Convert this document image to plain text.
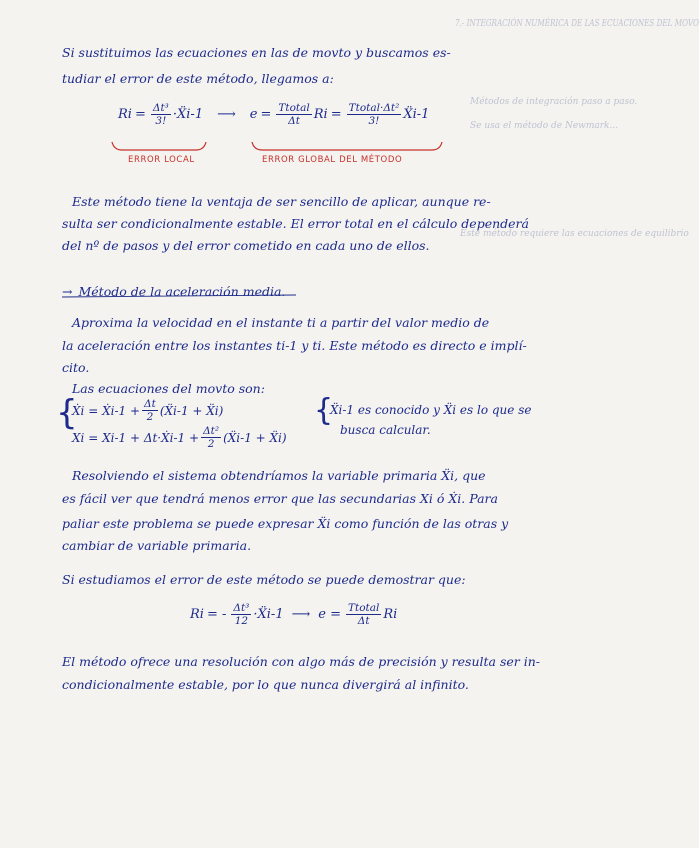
7.- INTEGRACIÓN NUMÉRICA DE LAS ECUACIONES DEL MOVO
Métodos de integración paso a paso.
Se usa el método de Newmark...
Este método requiere las ecuaciones de equilibrio
Si sustituimos las ecuaciones en las de movto y buscamos es-
tudiar el error de este método, llegamos a:
$Ri = \frac{\text{Δt³}}{3!}$ ·Ẍi-1 ⟶ $e = \frac{\text{Ttotal}}{\Delta t}$ $Ri = \frac{\text{Ttotal·Δt²}}{3!}$ Ẍi-1
ERROR LOCAL	ERROR GLOBAL DEL MÉTODO
Este método tiene la ventaja de ser sencillo de aplicar, aunque re-
sulta ser condicionalmente estable. El error total en el cálculo dependerá
del nº de pasos y del error cometido en cada uno de ellos.
→ Método de la aceleración media.
Aproxima la velocidad en el instante ti a partir del valor medio de
la aceleración entre los instantes ti-1 y ti. Este método es directo e implí-
cito.
Las ecuaciones del movto son:
{
Ẋi = Ẋi-1 + $\frac{\Delta t}{2}$ (Ẍi-1 + Ẍi)
Xi = Xi-1 + Δt·Ẋi-1 + $\frac{\text{Δt²}}{2}$ (Ẍi-1 + Ẍi)
{
Ẍi-1 es conocido y Ẍi es lo que se
busca calcular.
Resolviendo el sistema obtendríamos la variable primaria Ẍi, que
es fácil ver que tendrá menos error que las secundarias Xi ó Ẋi. Para
paliar este problema se puede expresar Ẍi como función de las otras y
cambiar de variable primaria.
Si estudiamos el error de este método se puede demostrar que:
Ri = - $\frac{\text{Δt³}}{12}$ ·Ẍi-1 ⟶ $e = \frac{\text{Ttotal}}{\Delta t}$ Ri
El método ofrece una resolución con algo más de precisión y resulta ser in-
condicionalmente estable, por lo que nunca divergirá al infinito.
